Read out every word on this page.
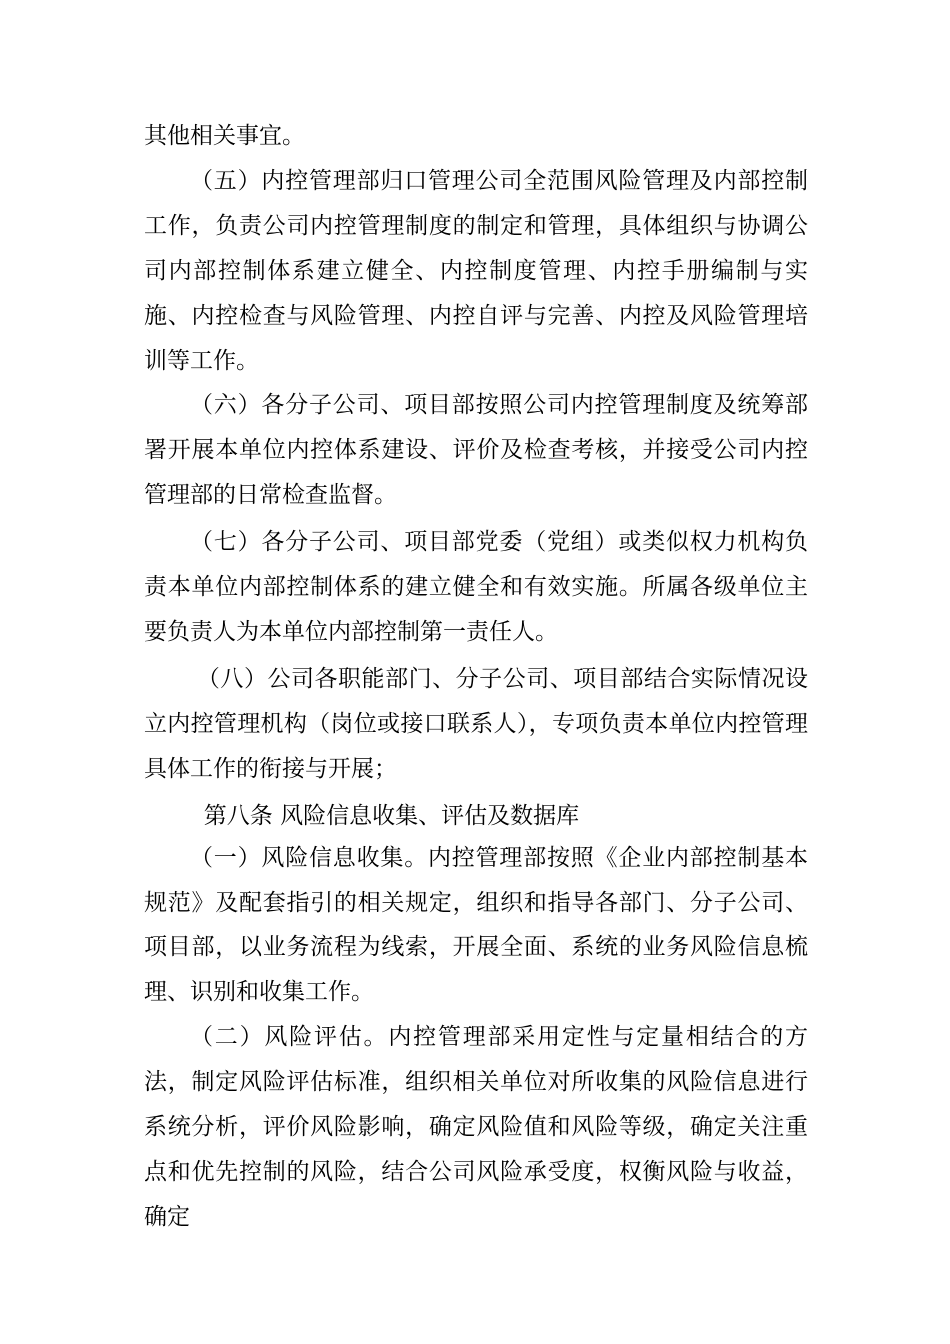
其他相关事宜。

（五）内控管理部归口管理公司全范围风险管理及内部控制工作，负责公司内控管理制度的制定和管理，具体组织与协调公司内部控制体系建立健全、内控制度管理、内控手册编制与实施、内控检查与风险管理、内控自评与完善、内控及风险管理培训等工作。

（六）各分子公司、项目部按照公司内控管理制度及统筹部署开展本单位内控体系建设、评价及检查考核，并接受公司内控管理部的日常检查监督。

（七）各分子公司、项目部党委（党组）或类似权力机构负责本单位内部控制体系的建立健全和有效实施。所属各级单位主要负责人为本单位内部控制第一责任人。

（八）公司各职能部门、分子公司、项目部结合实际情况设立内控管理机构（岗位或接口联系人），专项负责本单位内控管理具体工作的衔接与开展；

第八条 风险信息收集、评估及数据库

（一）风险信息收集。内控管理部按照《企业内部控制基本规范》及配套指引的相关规定，组织和指导各部门、分子公司、项目部，以业务流程为线索，开展全面、系统的业务风险信息梳理、识别和收集工作。

（二）风险评估。内控管理部采用定性与定量相结合的方法，制定风险评估标准，组织相关单位对所收集的风险信息进行系统分析，评价风险影响，确定风险值和风险等级，确定关注重点和优先控制的风险，结合公司风险承受度，权衡风险与收益，确定
